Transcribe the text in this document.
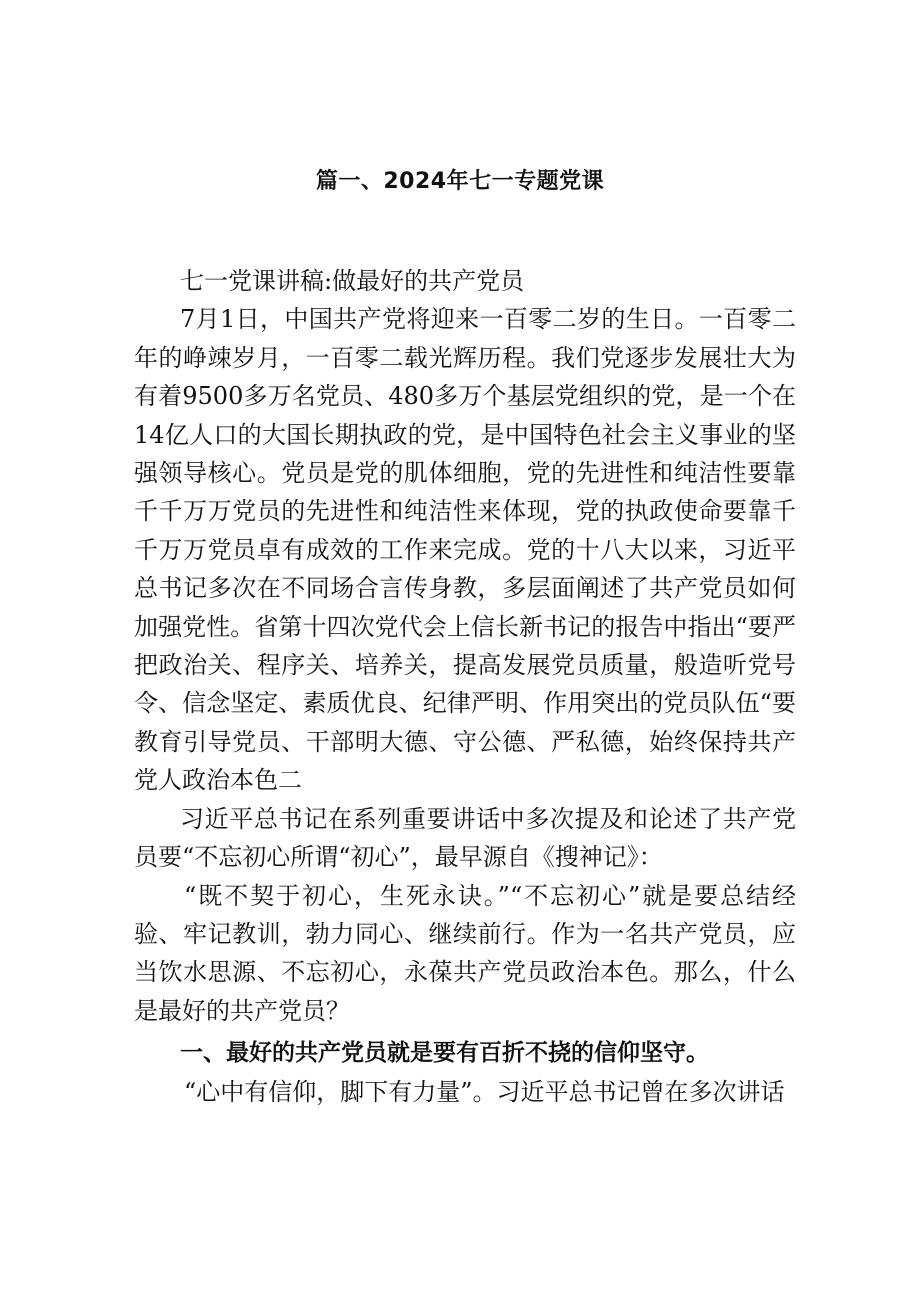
篇一、2024年七一专题党课

七一党课讲稿:做最好的共产党员

7月1日，中国共产党将迎来一百零二岁的生日。一百零二年的峥竦岁月，一百零二载光辉历程。我们党逐步发展壮大为有着9500多万名党员、480多万个基层党组织的党，是一个在14亿人口的大国长期执政的党，是中国特色社会主义事业的坚强领导核心。党员是党的肌体细胞，党的先进性和纯洁性要靠千千万万党员的先进性和纯洁性来体现，党的执政使命要靠千千万万党员卓有成效的工作来完成。党的十八大以来，习近平总书记多次在不同场合言传身教，多层面阐述了共产党员如何加强党性。省第十四次党代会上信长新书记的报告中指出“要严把政治关、程序关、培养关，提高发展党员质量，般造听党号令、信念坚定、素质优良、纪律严明、作用突出的党员队伍“要教育引导党员、干部明大德、守公德、严私德，始终保持共产党人政治本色二

习近平总书记在系列重要讲话中多次提及和论述了共产党员要“不忘初心所谓“初心”，最早源自《搜神记》：

“既不契于初心，生死永诀。”“不忘初心”就是要总结经验、牢记教训，勃力同心、继续前行。作为一名共产党员，应当饮水思源、不忘初心，永葆共产党员政治本色。那么，什么是最好的共产党员？

一、最好的共产党员就是要有百折不挠的信仰坚守。

“心中有信仰，脚下有力量”。习近平总书记曾在多次讲话
